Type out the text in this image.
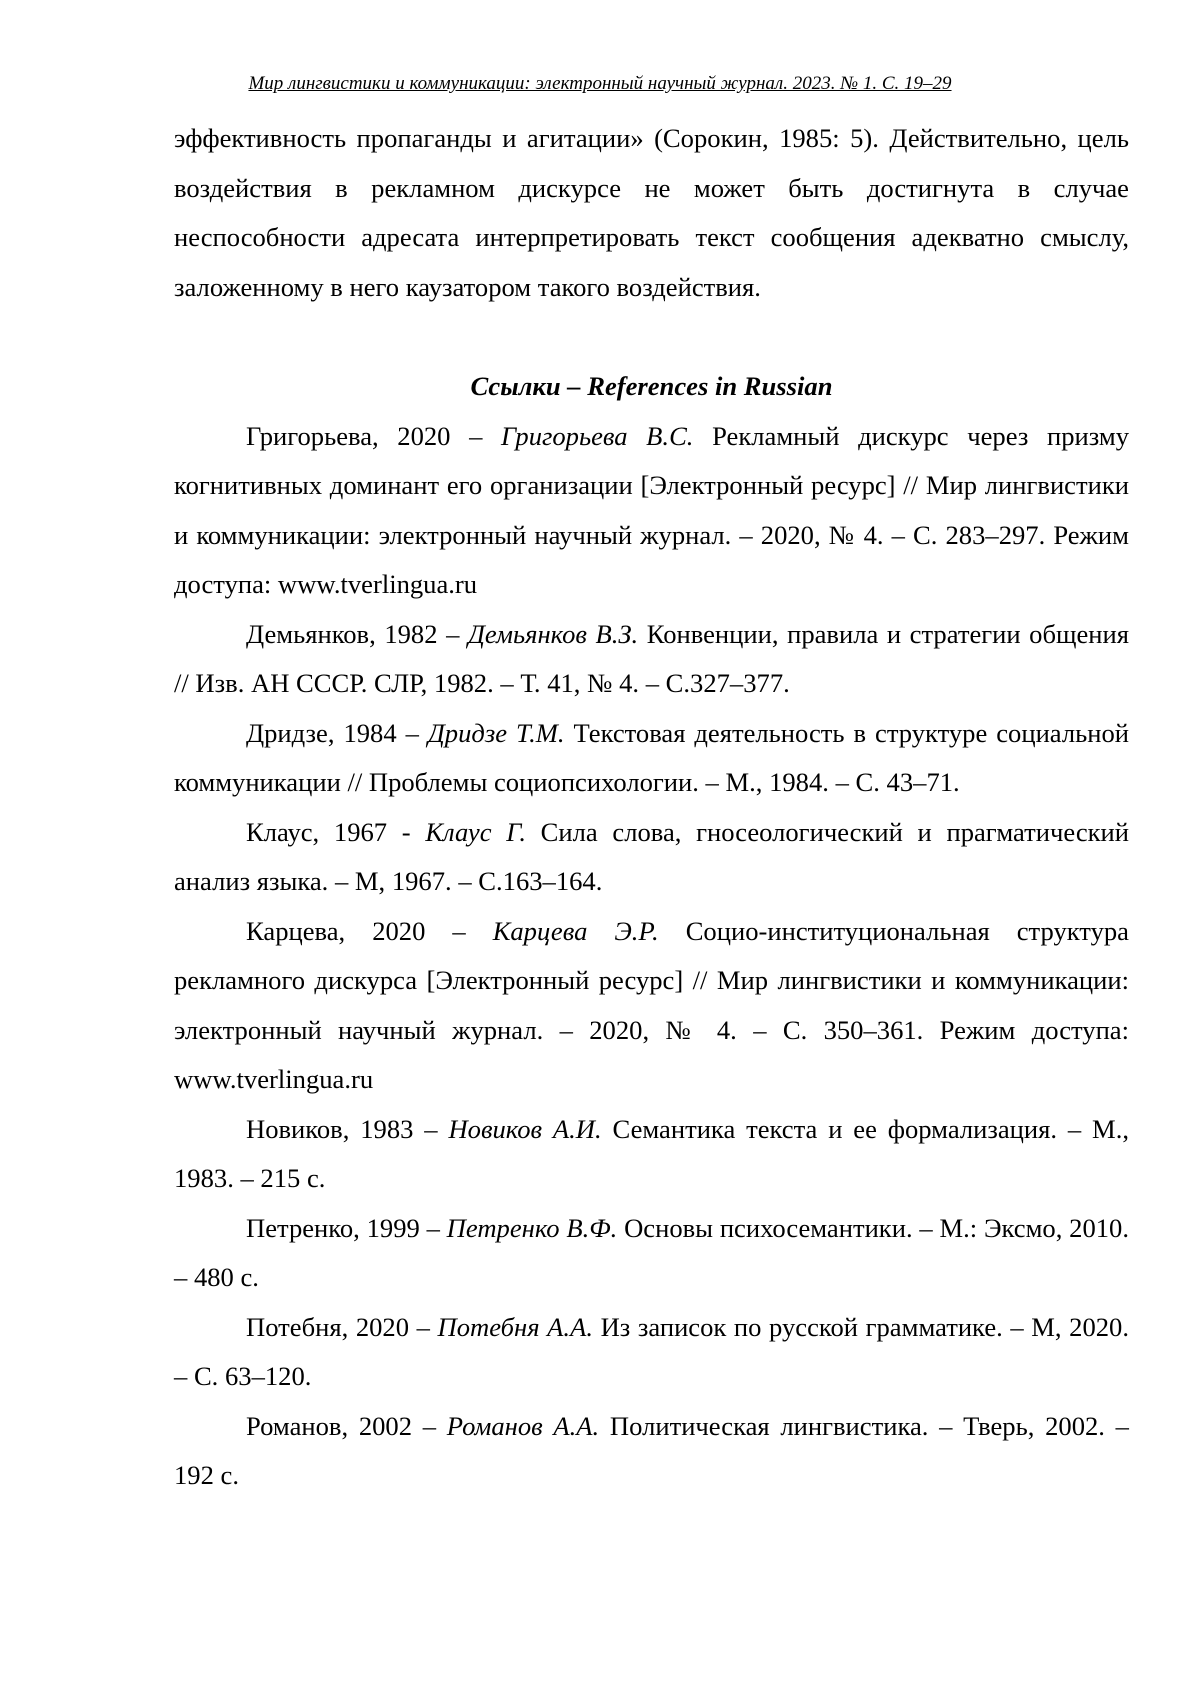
Мир лингвистики и коммуникации: электронный научный журнал. 2023. № 1. С. 19–29

эффективность пропаганды и агитации» (Сорокин, 1985: 5). Действительно, цель воздействия в рекламном дискурсе не может быть достигнута в случае неспособности адресата интерпретировать текст сообщения адекватно смыслу, заложенному в него каузатором такого воздействия.

Ссылки – References in Russian

Григорьева, 2020 – Григорьева В.С. Рекламный дискурс через призму когнитивных доминант его организации [Электронный ресурс] // Мир лингвистики и коммуникации: электронный научный журнал. – 2020, № 4. – С. 283–297. Режим доступа: www.tverlingua.ru

Демьянков, 1982 – Демьянков В.З. Конвенции, правила и стратегии общения // Изв. АН СССР. СЛР, 1982. – Т. 41, № 4. – С.327–377.

Дридзе, 1984 – Дридзе Т.М. Текстовая деятельность в структуре социальной коммуникации // Проблемы социопсихологии. – М., 1984. – С. 43–71.

Клаус, 1967 - Клаус Г. Сила слова, гносеологический и прагматический анализ языка. – М, 1967. – С.163–164.

Карцева, 2020 – Карцева Э.Р. Социо-институциональная структура рекламного дискурса [Электронный ресурс] // Мир лингвистики и коммуникации: электронный научный журнал. – 2020, № 4. – С. 350–361. Режим доступа: www.tverlingua.ru

Новиков, 1983 – Новиков А.И. Семантика текста и ее формализация. – М., 1983. – 215 с.

Петренко, 1999 – Петренко В.Ф. Основы психосемантики. – М.: Эксмо, 2010. – 480 с.

Потебня, 2020 – Потебня А.А. Из записок по русской грамматике. – М, 2020. – С. 63–120.

Романов, 2002 – Романов А.А. Политическая лингвистика. – Тверь, 2002. – 192 с.
